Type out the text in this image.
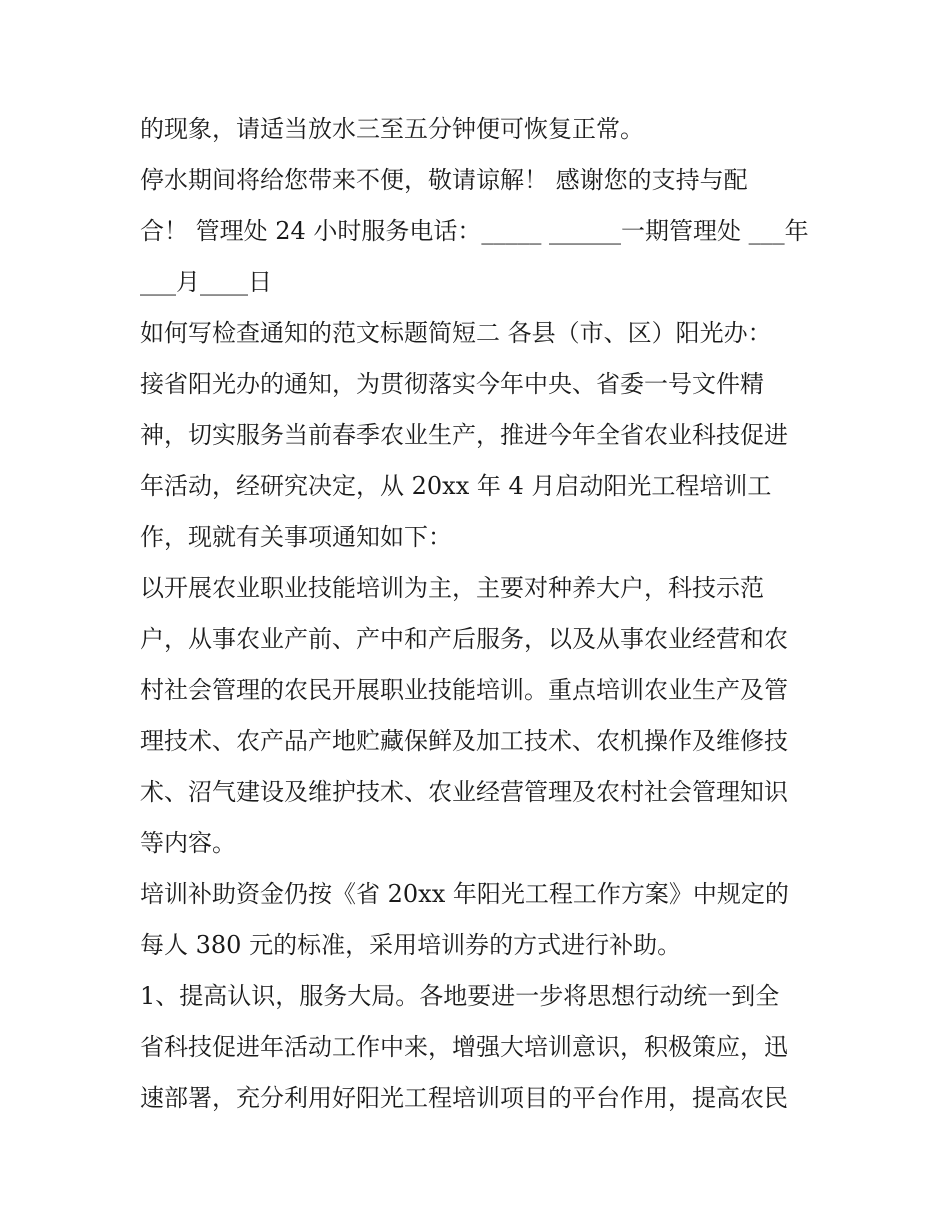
的现象，请适当放水三至五分钟便可恢复正常。
停水期间将给您带来不便，敬请谅解！ 感谢您的支持与配
合！ 管理处 24 小时服务电话：_____ ______一期管理处 ___年
___月____日
如何写检查通知的范文标题简短二 各县（市、区）阳光办：
接省阳光办的通知，为贯彻落实今年中央、省委一号文件精
神，切实服务当前春季农业生产，推进今年全省农业科技促进
年活动，经研究决定，从 20xx 年 4 月启动阳光工程培训工
作，现就有关事项通知如下：
以开展农业职业技能培训为主，主要对种养大户，科技示范
户，从事农业产前、产中和产后服务，以及从事农业经营和农
村社会管理的农民开展职业技能培训。重点培训农业生产及管
理技术、农产品产地贮藏保鲜及加工技术、农机操作及维修技
术、沼气建设及维护技术、农业经营管理及农村社会管理知识
等内容。
培训补助资金仍按《省 20xx 年阳光工程工作方案》中规定的
每人 380 元的标准，采用培训券的方式进行补助。
1、提高认识，服务大局。各地要进一步将思想行动统一到全
省科技促进年活动工作中来，增强大培训意识，积极策应，迅
速部署，充分利用好阳光工程培训项目的平台作用，提高农民
